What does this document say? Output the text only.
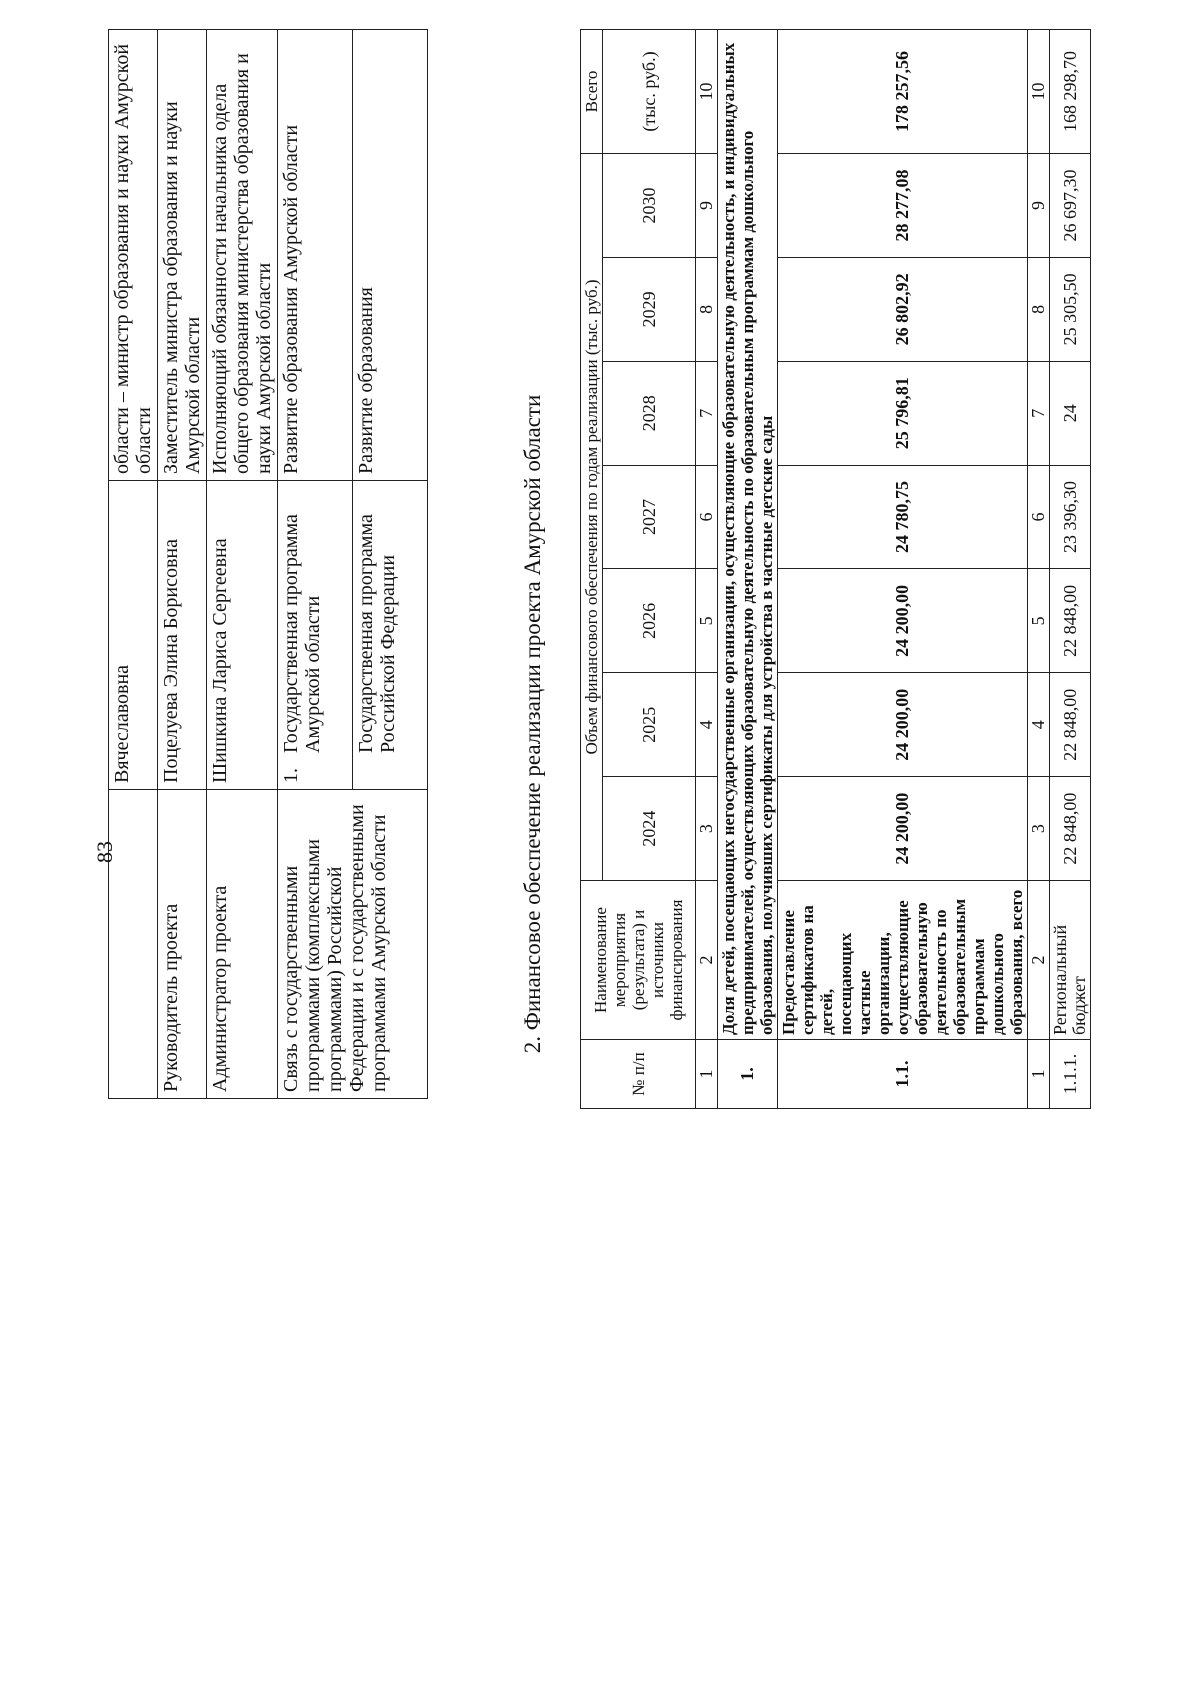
83
	Вячеславовна		области – министр образования и науки Амурской области
Руководитель проекта	Поцелуева Элина Борисовна		Заместитель министра образования и науки Амурской области
Администратор проекта	Шишкина Лариса Сергеевна		Исполняющий обязанности начальника одела общего образования министерства образования и науки Амурской области
Связь с государственными программами (комплексными программами) Российской Федерации и с государственными программами Амурской области	1.	Государственная программа Амурской области	Развитие образования Амурской области
		Государственная программа Российской Федерации	Развитие образования
2. Финансовое обеспечение реализации проекта Амурской области
№ п/п	Наименование мероприятия (результата) и источники финансирования	Объем финансового обеспечения по годам реализации (тыс. руб.)							Всего
		2024	2025	2026	2027	2028	2029	2030	(тыс. руб.)
1	2	3	4	5	6	7	8	9	10
1.	Доля детей, посещающих негосударственные организации, осуществляющие образовательную деятельность, и индивидуальных предпринимателей, осуществляющих образовательную деятельность по образовательным программам дошкольного образования, получивших сертификаты для устройства в частные детские сады								
1.1.	Предоставление сертификатов на детей, посещающих частные организации, осуществляющие образовательную деятельность по образовательным программам дошкольного образования, всего	24 200,00	24 200,00	24 200,00	24 780,75	25 796,81	26 802,92	28 277,08	178 257,56
1	2	3	4	5	6	7	8	9	10
1.1.1.	Региональный бюджет	22 848,00	22 848,00	22 848,00	23 396,30	24	25 305,50	26 697,30	168 298,70
